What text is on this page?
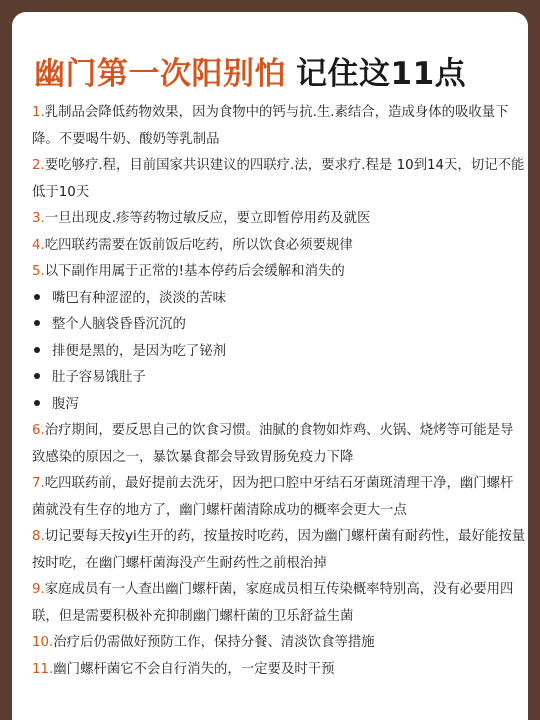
幽门第一次阳别怕 记住这11点

1.乳制品会降低药物效果，因为食物中的钙与抗.生.素结合，造成身体的吸收量下降。不要喝牛奶、酸奶等乳制品

2.要吃够疗.程，目前国家共识建议的四联疗.法，要求疗.程是 10到14天，切记不能低于10天

3.一旦出现皮.疹等药物过敏反应，要立即暂停用药及就医

4.吃四联药需要在饭前饭后吃药，所以饮食必须要规律

5.以下副作用属于正常的!基本停药后会缓解和消失的

嘴巴有种涩涩的，淡淡的苦味

整个人脑袋昏昏沉沉的

排便是黑的，是因为吃了铋剂

肚子容易饿肚子

腹泻

6.治疗期间，要反思自己的饮食习惯。油腻的食物如炸鸡、火锅、烧烤等可能是导致感染的原因之一，暴饮暴食都会导致胃肠免疫力下降

7.吃四联药前，最好提前去洗牙，因为把口腔中牙结石牙菌斑清理干净，幽门螺杆菌就没有生存的地方了，幽门螺杆菌清除成功的概率会更大一点

8.切记要每天按yi生开的药，按量按时吃药，因为幽门螺杆菌有耐药性，最好能按量按时吃，在幽门螺杆菌海没产生耐药性之前根治掉

9.家庭成员有一人查出幽门螺杆菌，家庭成员相互传染概率特别高，没有必要用四联，但是需要积极补充抑制幽门螺杆菌的卫乐舒益生菌

10.治疗后仍需做好预防工作，保持分餐、清淡饮食等措施

11.幽门螺杆菌它不会自行消失的，一定要及时干预
